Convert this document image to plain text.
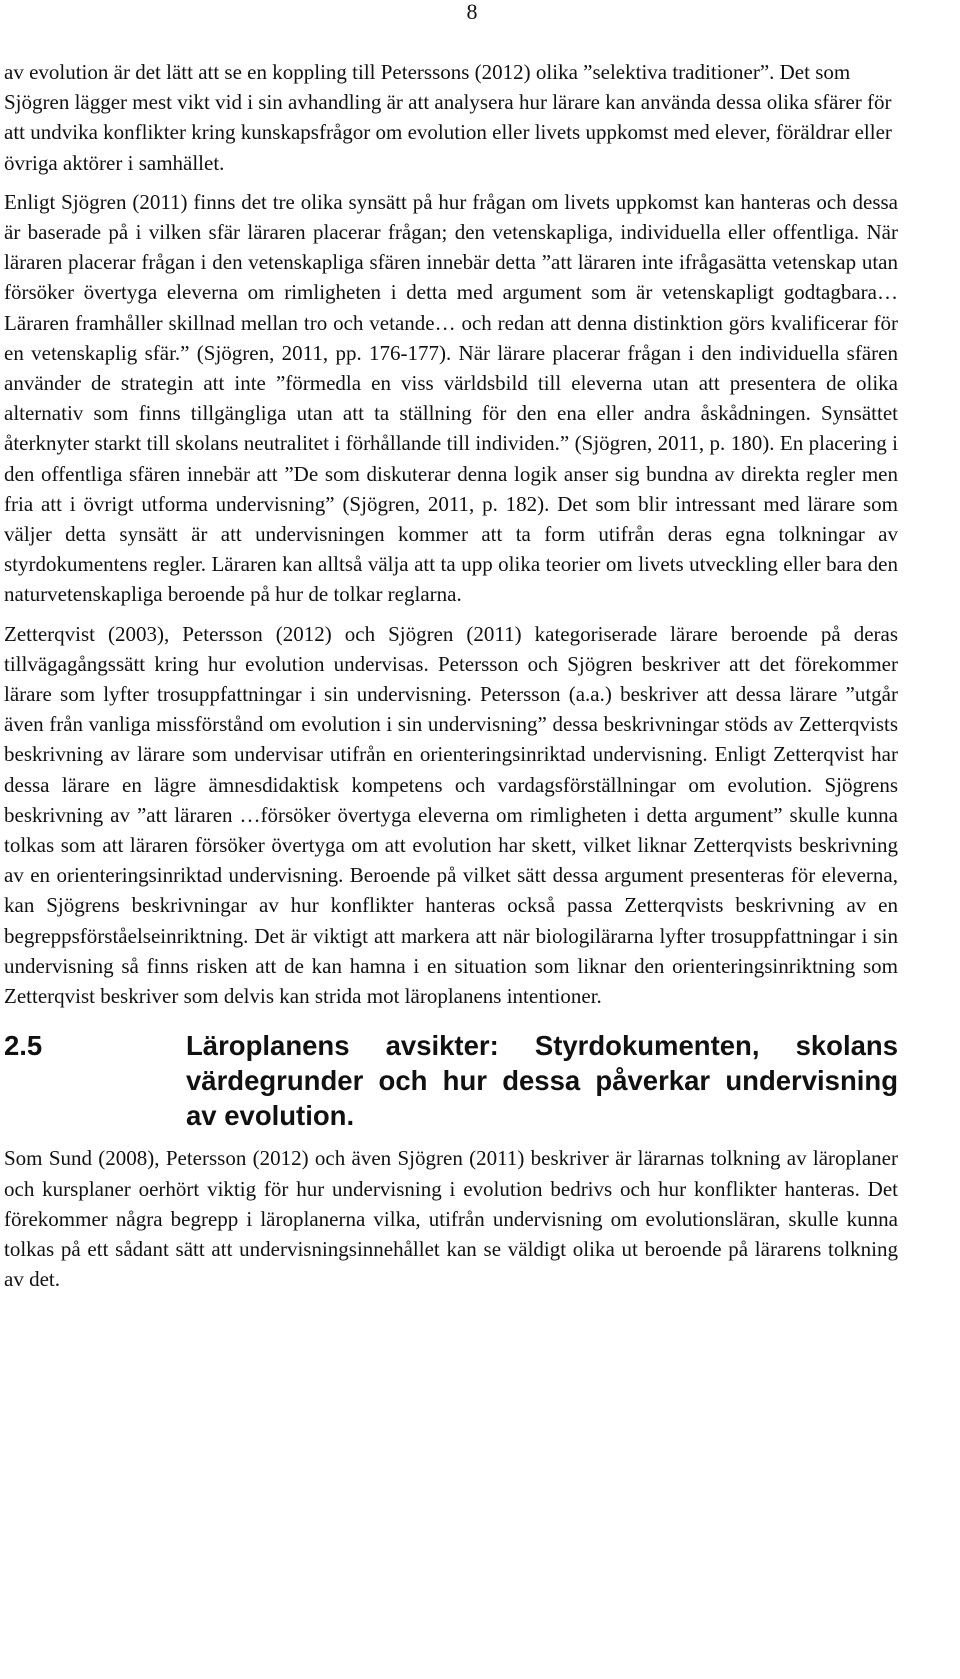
8

av evolution är det lätt att se en koppling till Peterssons (2012) olika ”selektiva traditioner”. Det som Sjögren lägger mest vikt vid i sin avhandling är att analysera hur lärare kan använda dessa olika sfärer för att undvika konflikter kring kunskapsfrågor om evolution eller livets uppkomst med elever, föräldrar eller övriga aktörer i samhället.

Enligt Sjögren (2011) finns det tre olika synsätt på hur frågan om livets uppkomst kan hanteras och dessa är baserade på i vilken sfär läraren placerar frågan; den vetenskapliga, individuella eller offentliga. När läraren placerar frågan i den vetenskapliga sfären innebär detta ”att läraren inte ifrågasätta vetenskap utan försöker övertyga eleverna om rimligheten i detta med argument som är vetenskapligt godtagbara… Läraren framhåller skillnad mellan tro och vetande… och redan att denna distinktion görs kvalificerar för en vetenskaplig sfär.” (Sjögren, 2011, pp. 176-177). När lärare placerar frågan i den individuella sfären använder de strategin att inte ”förmedla en viss världsbild till eleverna utan att presentera de olika alternativ som finns tillgängliga utan att ta ställning för den ena eller andra åskådningen. Synsättet återknyter starkt till skolans neutralitet i förhållande till individen.” (Sjögren, 2011, p. 180). En placering i den offentliga sfären innebär att ”De som diskuterar denna logik anser sig bundna av direkta regler men fria att i övrigt utforma undervisning” (Sjögren, 2011, p. 182). Det som blir intressant med lärare som väljer detta synsätt är att undervisningen kommer att ta form utifrån deras egna tolkningar av styrdokumentens regler. Läraren kan alltså välja att ta upp olika teorier om livets utveckling eller bara den naturvetenskapliga beroende på hur de tolkar reglarna.

Zetterqvist (2003), Petersson (2012) och Sjögren (2011) kategoriserade lärare beroende på deras tillvägagångssätt kring hur evolution undervisas. Petersson och Sjögren beskriver att det förekommer lärare som lyfter trosuppfattningar i sin undervisning. Petersson (a.a.) beskriver att dessa lärare ”utgår även från vanliga missförstånd om evolution i sin undervisning” dessa beskrivningar stöds av Zetterqvists beskrivning av lärare som undervisar utifrån en orienteringsinriktad undervisning. Enligt Zetterqvist har dessa lärare en lägre ämnesdidaktisk kompetens och vardagsförställningar om evolution. Sjögrens beskrivning av ”att läraren …försöker övertyga eleverna om rimligheten i detta argument” skulle kunna tolkas som att läraren försöker övertyga om att evolution har skett, vilket liknar Zetterqvists beskrivning av en orienteringsinriktad undervisning. Beroende på vilket sätt dessa argument presenteras för eleverna, kan Sjögrens beskrivningar av hur konflikter hanteras också passa Zetterqvists beskrivning av en begreppsförståelseinriktning. Det är viktigt att markera att när biologilärarna lyfter trosuppfattningar i sin undervisning så finns risken att de kan hamna i en situation som liknar den orienteringsinriktning som Zetterqvist beskriver som delvis kan strida mot läroplanens intentioner.

2.5	Läroplanens avsikter: Styrdokumenten, skolans värdegrunder och hur dessa påverkar undervisning av evolution.

Som Sund (2008), Petersson (2012) och även Sjögren (2011) beskriver är lärarnas tolkning av läroplaner och kursplaner oerhört viktig för hur undervisning i evolution bedrivs och hur konflikter hanteras. Det förekommer några begrepp i läroplanerna vilka, utifrån undervisning om evolutionsläran, skulle kunna tolkas på ett sådant sätt att undervisningsinnehållet kan se väldigt olika ut beroende på lärarens tolkning av det.
